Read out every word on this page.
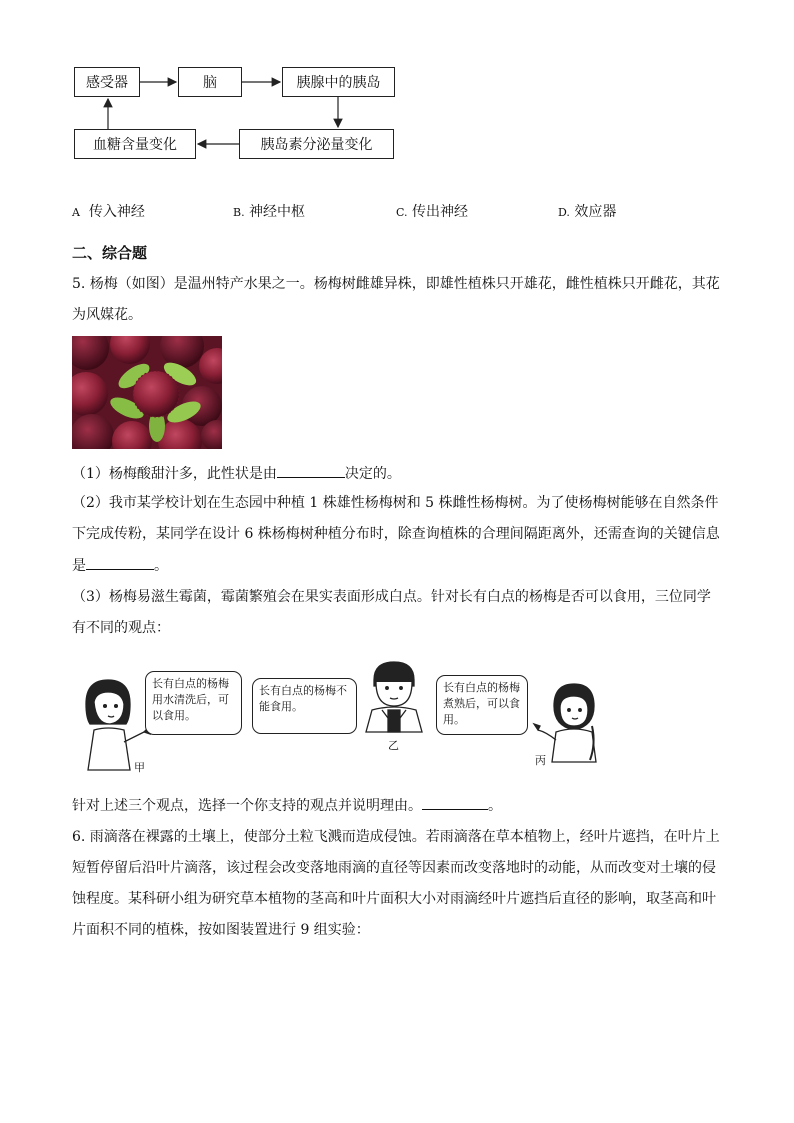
感受器	脑	胰腺中的胰岛
血糖含量变化	胰岛素分泌量变化
A 传入神经	B. 神经中枢	C. 传出神经	D. 效应器
二、综合题
5. 杨梅（如图）是温州特产水果之一。杨梅树雌雄异株，即雄性植株只开雄花，雌性植株只开雌花，其花
为风媒花。
（1）杨梅酸甜汁多，此性状是由	决定的。
（2）我市某学校计划在生态园中种植 1 株雄性杨梅树和 5 株雌性杨梅树。为了使杨梅树能够在自然条件
下完成传粉，某同学在设计 6 株杨梅树种植分布时，除查询植株的合理间隔距离外，还需查询的关键信息
是	。
（3）杨梅易滋生霉菌，霉菌繁殖会在果实表面形成白点。针对长有白点的杨梅是否可以食用，三位同学
有不同的观点：
长有白点的杨梅用水清洗后，可以食用。
长有白点的杨梅不能食用。
长有白点的杨梅煮熟后，可以食用。
甲
乙
丙
针对上述三个观点，选择一个你支持的观点并说明理由。	。
6. 雨滴落在裸露的土壤上，使部分土粒飞溅而造成侵蚀。若雨滴落在草本植物上，经叶片遮挡，在叶片上
短暂停留后沿叶片滴落，该过程会改变落地雨滴的直径等因素而改变落地时的动能，从而改变对土壤的侵
蚀程度。某科研小组为研究草本植物的茎高和叶片面积大小对雨滴经叶片遮挡后直径的影响，取茎高和叶
片面积不同的植株，按如图装置进行 9 组实验：
